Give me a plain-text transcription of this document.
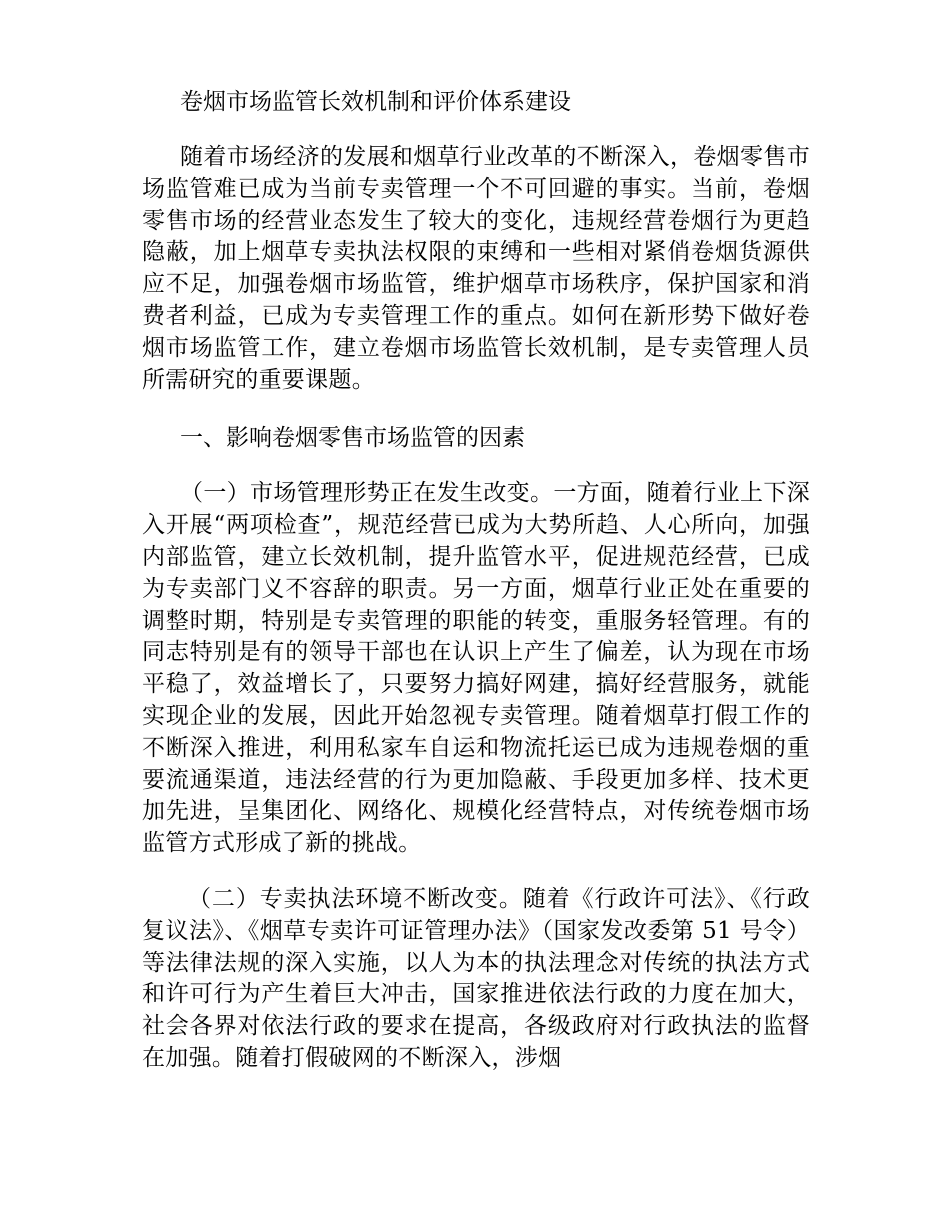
卷烟市场监管长效机制和评价体系建设

随着市场经济的发展和烟草行业改革的不断深入，卷烟零售市场监管难已成为当前专卖管理一个不可回避的事实。当前，卷烟零售市场的经营业态发生了较大的变化，违规经营卷烟行为更趋隐蔽，加上烟草专卖执法权限的束缚和一些相对紧俏卷烟货源供应不足，加强卷烟市场监管，维护烟草市场秩序，保护国家和消费者利益，已成为专卖管理工作的重点。如何在新形势下做好卷烟市场监管工作，建立卷烟市场监管长效机制，是专卖管理人员所需研究的重要课题。

一、影响卷烟零售市场监管的因素

（一）市场管理形势正在发生改变。一方面，随着行业上下深入开展“两项检查”，规范经营已成为大势所趋、人心所向，加强内部监管，建立长效机制，提升监管水平，促进规范经营，已成为专卖部门义不容辞的职责。另一方面，烟草行业正处在重要的调整时期，特别是专卖管理的职能的转变，重服务轻管理。有的同志特别是有的领导干部也在认识上产生了偏差，认为现在市场平稳了，效益增长了，只要努力搞好网建，搞好经营服务，就能实现企业的发展，因此开始忽视专卖管理。随着烟草打假工作的不断深入推进，利用私家车自运和物流托运已成为违规卷烟的重要流通渠道，违法经营的行为更加隐蔽、手段更加多样、技术更加先进，呈集团化、网络化、规模化经营特点，对传统卷烟市场监管方式形成了新的挑战。

（二）专卖执法环境不断改变。随着《行政许可法》、《行政复议法》、《烟草专卖许可证管理办法》（国家发改委第 51 号令）等法律法规的深入实施，以人为本的执法理念对传统的执法方式和许可行为产生着巨大冲击，国家推进依法行政的力度在加大，社会各界对依法行政的要求在提高，各级政府对行政执法的监督在加强。随着打假破网的不断深入，涉烟
